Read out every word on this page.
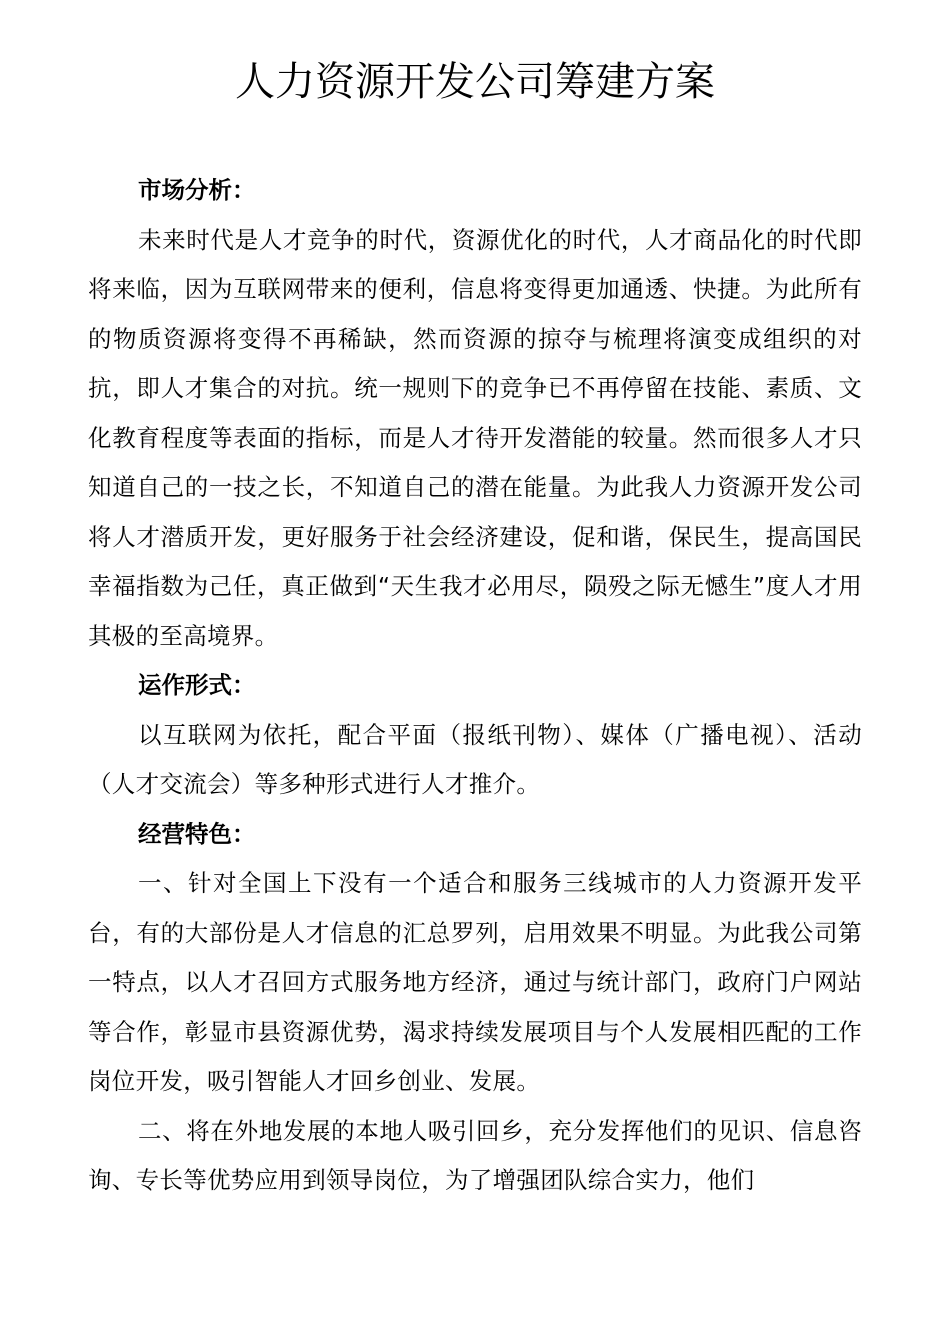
人力资源开发公司筹建方案

市场分析：

未来时代是人才竞争的时代，资源优化的时代，人才商品化的时代即将来临，因为互联网带来的便利，信息将变得更加通透、快捷。为此所有的物质资源将变得不再稀缺，然而资源的掠夺与梳理将演变成组织的对抗，即人才集合的对抗。统一规则下的竞争已不再停留在技能、素质、文化教育程度等表面的指标，而是人才待开发潜能的较量。然而很多人才只知道自己的一技之长，不知道自己的潜在能量。为此我人力资源开发公司将人才潜质开发，更好服务于社会经济建设，促和谐，保民生，提高国民幸福指数为己任，真正做到“天生我才必用尽，陨殁之际无憾生”度人才用其极的至高境界。

运作形式：

以互联网为依托，配合平面（报纸刊物）、媒体（广播电视）、活动（人才交流会）等多种形式进行人才推介。

经营特色：

一、针对全国上下没有一个适合和服务三线城市的人力资源开发平台，有的大部份是人才信息的汇总罗列，启用效果不明显。为此我公司第一特点，以人才召回方式服务地方经济，通过与统计部门，政府门户网站等合作，彰显市县资源优势，渴求持续发展项目与个人发展相匹配的工作岗位开发，吸引智能人才回乡创业、发展。

二、将在外地发展的本地人吸引回乡，充分发挥他们的见识、信息咨询、专长等优势应用到领导岗位，为了增强团队综合实力，他们
